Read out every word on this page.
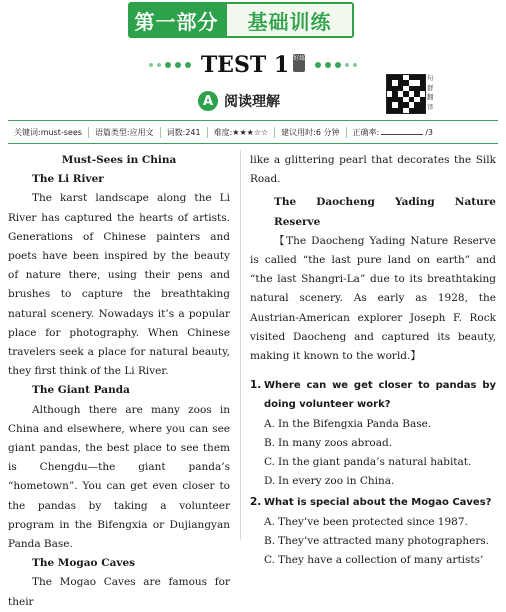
第一部分	基础训练
TEST 1 好练
A 阅读理解
句
群
翻
译
关键词:must-sees	语篇类型:应用文	词数:241	难度:★★★☆☆	建议用时:6 分钟	正确率:	/3

Must-Sees in China

The Li River

The karst landscape along the Li River has captured the hearts of artists. Generations of Chinese painters and poets have been inspired by the beauty of nature there, using their pens and brushes to capture the breathtaking natural scenery. Nowadays it’s a popular place for photography. When Chinese travelers seek a place for natural beauty, they first think of the Li River.

The Giant Panda

Although there are many zoos in China and elsewhere, where you can see giant pandas, the best place to see them is Chengdu—the giant panda’s “hometown”. You can get even closer to the pandas by taking a volunteer program in the Bifengxia or Dujiangyan Panda Base.

The Mogao Caves

The Mogao Caves are famous for their

like a glittering pearl that decorates the Silk Road.

The Daocheng Yading Nature Reserve

【The Daocheng Yading Nature Reserve is called “the last pure land on earth” and “the last Shangri-La” due to its breathtaking natural scenery. As early as 1928, the Austrian-American explorer Joseph F. Rock visited Daocheng and captured its beauty, making it known to the world.】

1. Where can we get closer to pandas by doing volunteer work?
A. In the Bifengxia Panda Base.
B. In many zoos abroad.
C. In the giant panda’s natural habitat.
D. In every zoo in China.
2. What is special about the Mogao Caves?
A. They’ve been protected since 1987.
B. They’ve attracted many photographers.
C. They have a collection of many artists’
